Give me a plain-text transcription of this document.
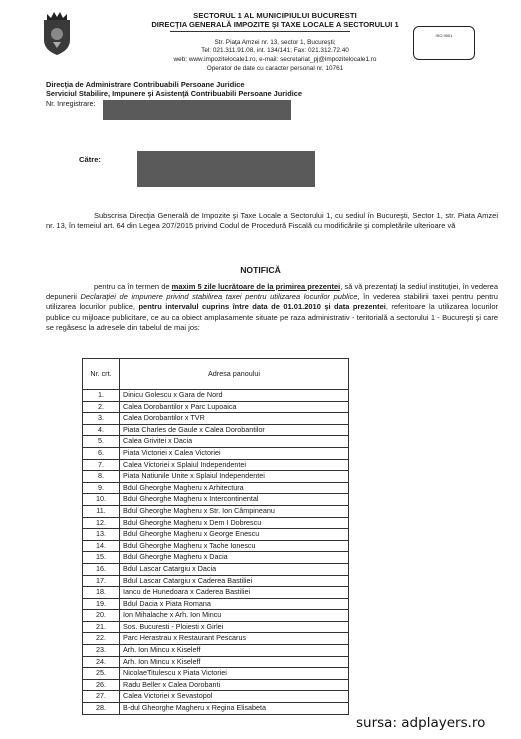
ISO 9001
SECTORUL 1 AL MUNICIPIULUI BUCURESTI
DIRECŢIA GENERALĂ IMPOZITE ŞI TAXE LOCALE A SECTORULUI 1
Str. Piaţa Amzei nr. 13, sector 1, Bucureşti;
Tel: 021.311.91.08, int. 134/141; Fax: 021.312.72.40
web: www.impozitelocale1.ro, e-mail: secretariat_pj@impozitelocale1.ro
Operator de date cu caracter personal nr. 10761
Direcţia de Administrare Contribuabili Persoane Juridice
Serviciul Stabilire, Impunere şi Asistenţă Contribuabili Persoane Juridice
Nr. Inregistrare:
Către:
Subscrisa Direcţia Generală de Impozite şi Taxe Locale a Sectorului 1, cu sediul în Bucureşti, Sector 1, str. Piata Amzei nr. 13, în temeiul art. 64 din Legea 207/2015 privind Codul de Procedură Fiscală cu modificările şi completările ulterioare vă
NOTIFICĂ
pentru ca în termen de maxim 5 zile lucrătoare de la primirea prezentei, să vă prezentaţi la sediul instituţiei, în vederea depunerii Declaraţiei de impunere privind stabilirea taxei pentru utilizarea locurilor publice, în vederea stabilirii taxei pentru pentru utilizarea locurilor publice, pentru intervalul cuprins între data de 01.01.2010 şi data prezentei, referitoare la utilizarea locurilor publice cu mijloace publicitare, ce au ca obiect amplasamente situate pe raza administrativ - teritorială a sectorului 1 - Bucureşti şi care se regăsesc la adresele din tabelul de mai jos:
Nr. crt.	Adresa panoului
1.	Dinicu Golescu x Gara de Nord
2.	Calea Dorobantilor x Parc Lupoaica
3.	Calea Dorobantilor x TVR
4.	Piata Charles de Gaule x Calea Dorobantilor
5.	Calea Grivitei x Dacia
6.	Piata Victoriei x Calea Victoriei
7.	Calea Victoriei x Splaiul Independentei
8.	Piata Natiunile Unite x Splaiul Independentei
9.	Bdul Gheorghe Magheru x Arhitectura
10.	Bdul Gheorghe Magheru x Intercontinental
11.	Bdul Gheorghe Magheru x Str. Ion Câmpineanu
12.	Bdul Gheorghe Magheru x Dem I Dobrescu
13.	Bdul Gheorghe Magheru x George Enescu
14.	Bdul Gheorghe Magheru x Tache Ionescu
15.	Bdul Gheorghe Magheru x Dacia
16.	Bdul Lascar Catargiu x Dacia
17.	Bdul Lascar Catargiu x Caderea Bastiliei
18.	Iancu de Hunedoara x Caderea Bastiliei
19.	Bdul Dacia x Piata Romana
20.	Ion Mihalache x Arh. Ion Mincu
21.	Sos. Bucuresti - Ploiesti x Girlei
22.	Parc Herastrau x Restaurant Pescarus
23.	Arh. Ion Mincu x Kiseleff
24.	Arh. Ion Mincu x Kiseleff
25.	NicolaeTitulescu x Piata Victoriei
26.	Radu Beller x Calea Dorobanti
27.	Calea Victoriei x Sevastopol
28.	B-dul Gheorghe Magheru x Regina Elisabeta
sursa: adplayers.ro
